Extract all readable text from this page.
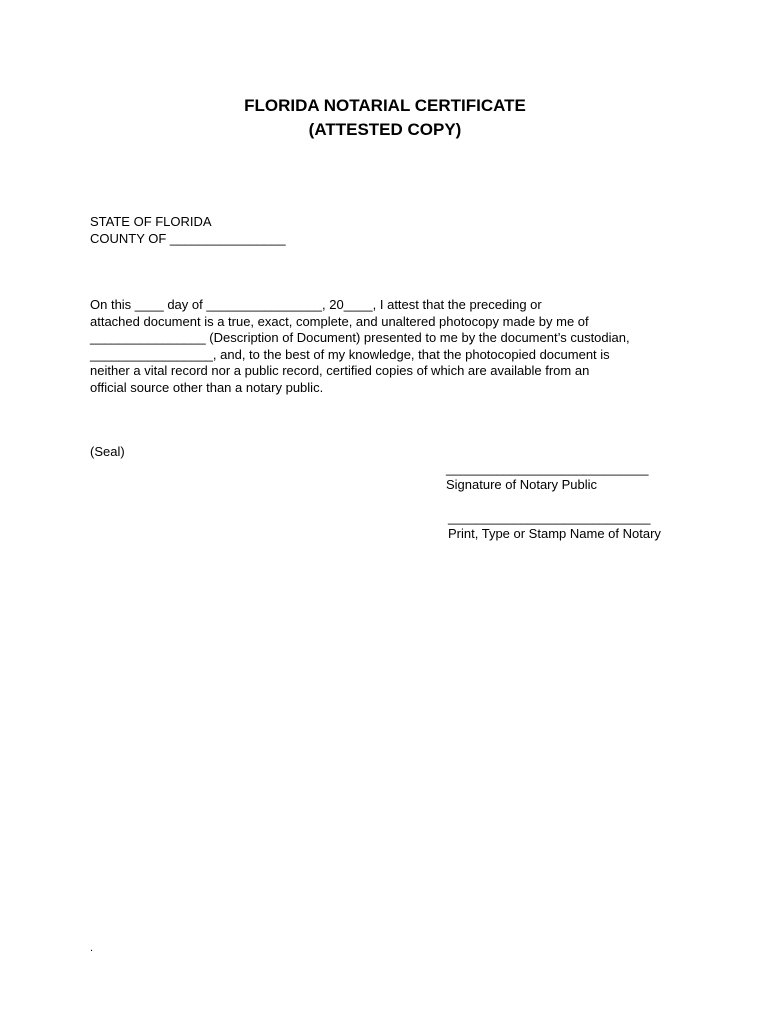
FLORIDA NOTARIAL CERTIFICATE
(ATTESTED COPY)

STATE OF FLORIDA

COUNTY OF ________________

On this ____ day of ________________, 20____, I attest that the preceding or

attached document is a true, exact, complete, and unaltered photocopy made by me of

________________ (Description of Document) presented to me by the document’s custodian,

_________________, and, to the best of my knowledge, that the photocopied document is

neither a vital record nor a public record, certified copies of which are available from an

official source other than a notary public.

(Seal)

____________________________
Signature of Notary Public
____________________________
Print, Type or Stamp Name of Notary
.
